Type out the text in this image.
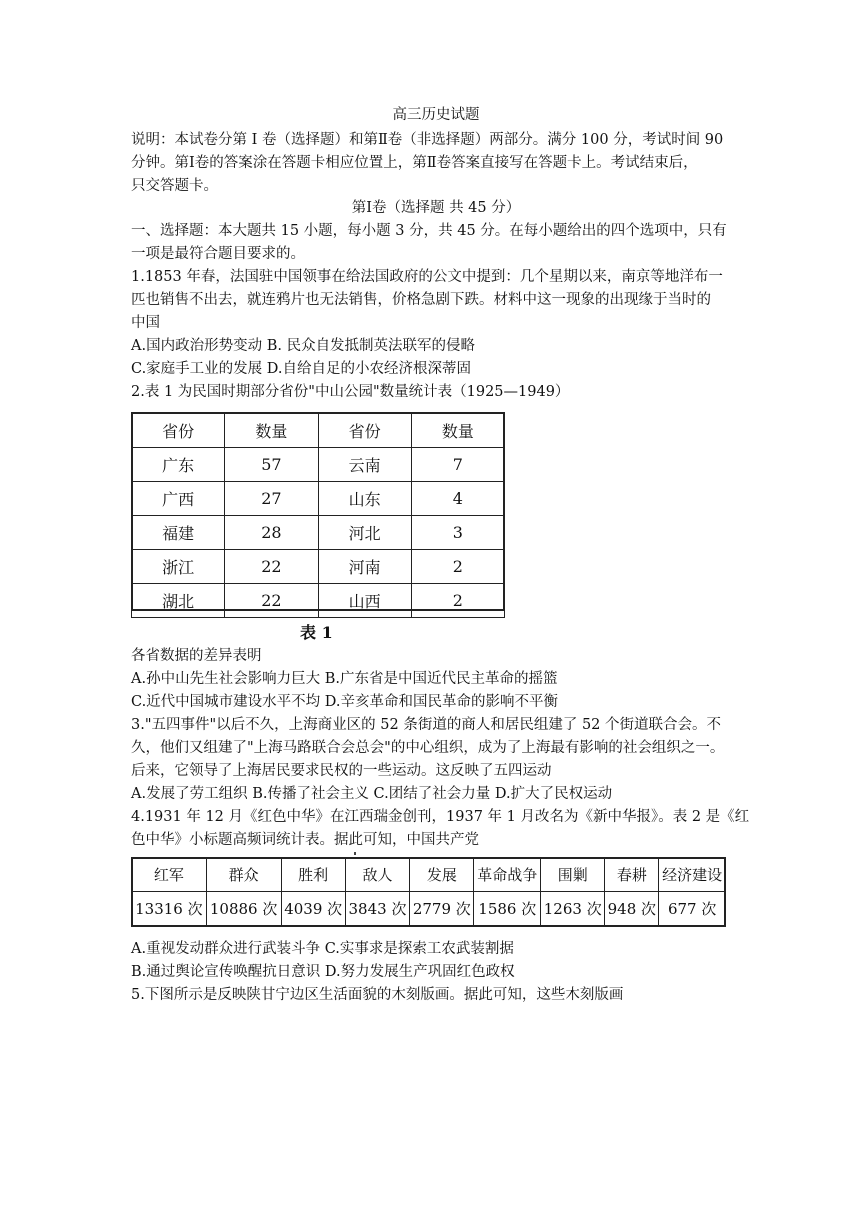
高三历史试题
说明：本试卷分第 I 卷（选择题）和第Ⅱ卷（非选择题）两部分。满分 100 分，考试时间 90
分钟。第Ⅰ卷的答案涂在答题卡相应位置上，第Ⅱ卷答案直接写在答题卡上。考试结束后，
只交答题卡。
第Ⅰ卷（选择题 共 45 分）
一、选择题：本大题共 15 小题，每小题 3 分，共 45 分。在每小题给出的四个选项中，只有
一项是最符合题目要求的。
1.1853 年春，法国驻中国领事在给法国政府的公文中提到：几个星期以来，南京等地洋布一
匹也销售不出去，就连鸦片也无法销售，价格急剧下跌。材料中这一现象的出现缘于当时的
中国
A.国内政治形势变动 B. 民众自发抵制英法联军的侵略
C.家庭手工业的发展 D.自给自足的小农经济根深蒂固
2.表 1 为民国时期部分省份"中山公园"数量统计表（1925—1949）
省份	数量	省份	数量
广东	57	云南	7
广西	27	山东	4
福建	28	河北	3
浙江	22	河南	2
湖北	22	山西	2
表 1
各省数据的差异表明
A.孙中山先生社会影响力巨大 B.广东省是中国近代民主革命的摇篮
C.近代中国城市建设水平不均 D.辛亥革命和国民革命的影响不平衡
3."五四事件"以后不久，上海商业区的 52 条街道的商人和居民组建了 52 个街道联合会。不
久，他们又组建了"上海马路联合会总会"的中心组织，成为了上海最有影响的社会组织之一。
后来，它领导了上海居民要求民权的一些运动。这反映了五四运动
A.发展了劳工组织 B.传播了社会主义 C.团结了社会力量 D.扩大了民权运动
4.1931 年 12 月《红色中华》在江西瑞金创刊，1937 年 1 月改名为《新中华报》。表 2 是《红
色中华》小标题高频词统计表。据此可知，中国共产党
红军	群众	胜利	敌人	发展	革命战争	围剿	春耕	经济建设
13316 次	10886 次	4039 次	3843 次	2779 次	1586 次	1263 次	948 次	677 次
A.重视发动群众进行武装斗争 C.实事求是探索工农武装割据
B.通过舆论宣传唤醒抗日意识 D.努力发展生产巩固红色政权
5.下图所示是反映陕甘宁边区生活面貌的木刻版画。据此可知，这些木刻版画
